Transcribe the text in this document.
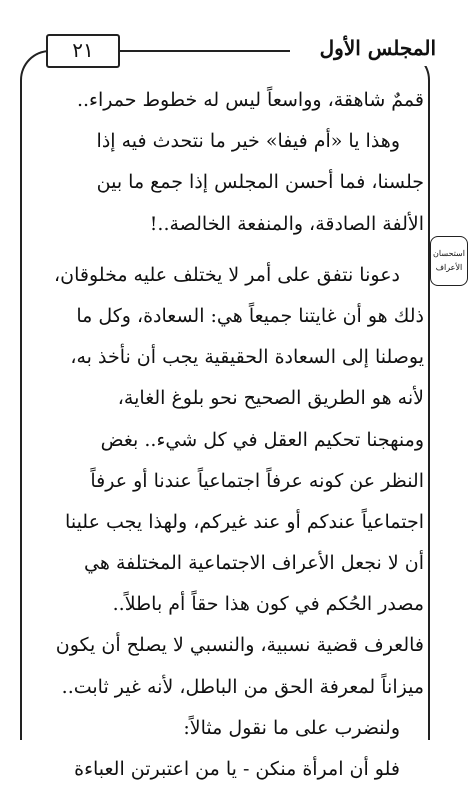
٢١	المجلس الأول
استحسان
الأعراف
قممٌ شاهقة، وواسعاً ليس له خطوط حمراء..
وهذا يا «أم فيفا» خير ما نتحدث فيه إذا
جلسنا، فما أحسن المجلس إذا جمع ما بين
الألفة الصادقة، والمنفعة الخالصة..!
دعونا نتفق على أمر لا يختلف عليه مخلوقان،
ذلك هو أن غايتنا جميعاً هي: السعادة، وكل ما
يوصلنا إلى السعادة الحقيقية يجب أن نأخذ به،
لأنه هو الطريق الصحيح نحو بلوغ الغاية،
ومنهجنا تحكيم العقل في كل شيء.. بغض
النظر عن كونه عرفاً اجتماعياً عندنا أو عرفاً
اجتماعياً عندكم أو عند غيركم، ولهذا يجب علينا
أن لا نجعل الأعراف الاجتماعية المختلفة هي
مصدر الحُكم في كون هذا حقاً أم باطلاً..
فالعرف قضية نسبية، والنسبي لا يصلح أن يكون
ميزاناً لمعرفة الحق من الباطل، لأنه غير ثابت..
ولنضرب على ما نقول مثالاً:
فلو أن امرأة منكن - يا من اعتبرتن العباءة
